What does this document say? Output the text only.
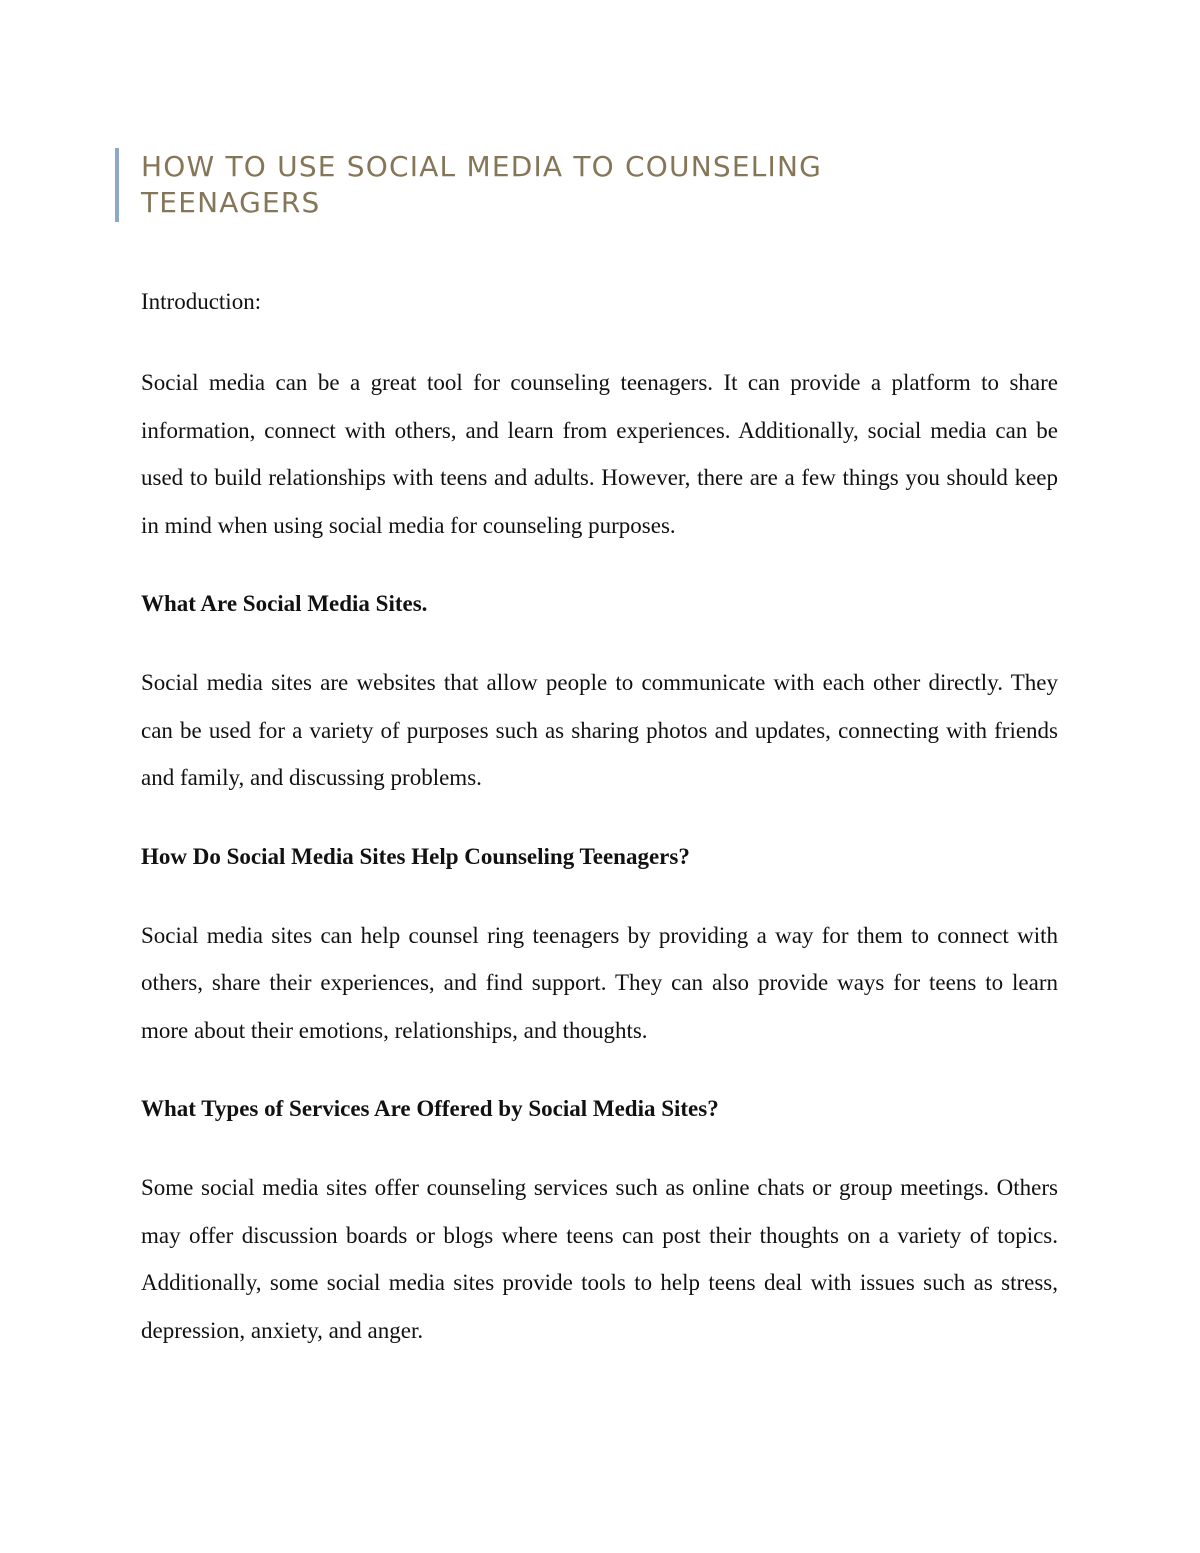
HOW TO USE SOCIAL MEDIA TO COUNSELING TEENAGERS

Introduction:

Social media can be a great tool for counseling teenagers. It can provide a platform to share information, connect with others, and learn from experiences. Additionally, social media can be used to build relationships with teens and adults. However, there are a few things you should keep in mind when using social media for counseling purposes.

What Are Social Media Sites.

Social media sites are websites that allow people to communicate with each other directly. They can be used for a variety of purposes such as sharing photos and updates, connecting with friends and family, and discussing problems.

How Do Social Media Sites Help Counseling Teenagers?

Social media sites can help counsel ring teenagers by providing a way for them to connect with others, share their experiences, and find support. They can also provide ways for teens to learn more about their emotions, relationships, and thoughts.

What Types of Services Are Offered by Social Media Sites?

Some social media sites offer counseling services such as online chats or group meetings. Others may offer discussion boards or blogs where teens can post their thoughts on a variety of topics. Additionally, some social media sites provide tools to help teens deal with issues such as stress, depression, anxiety, and anger.
